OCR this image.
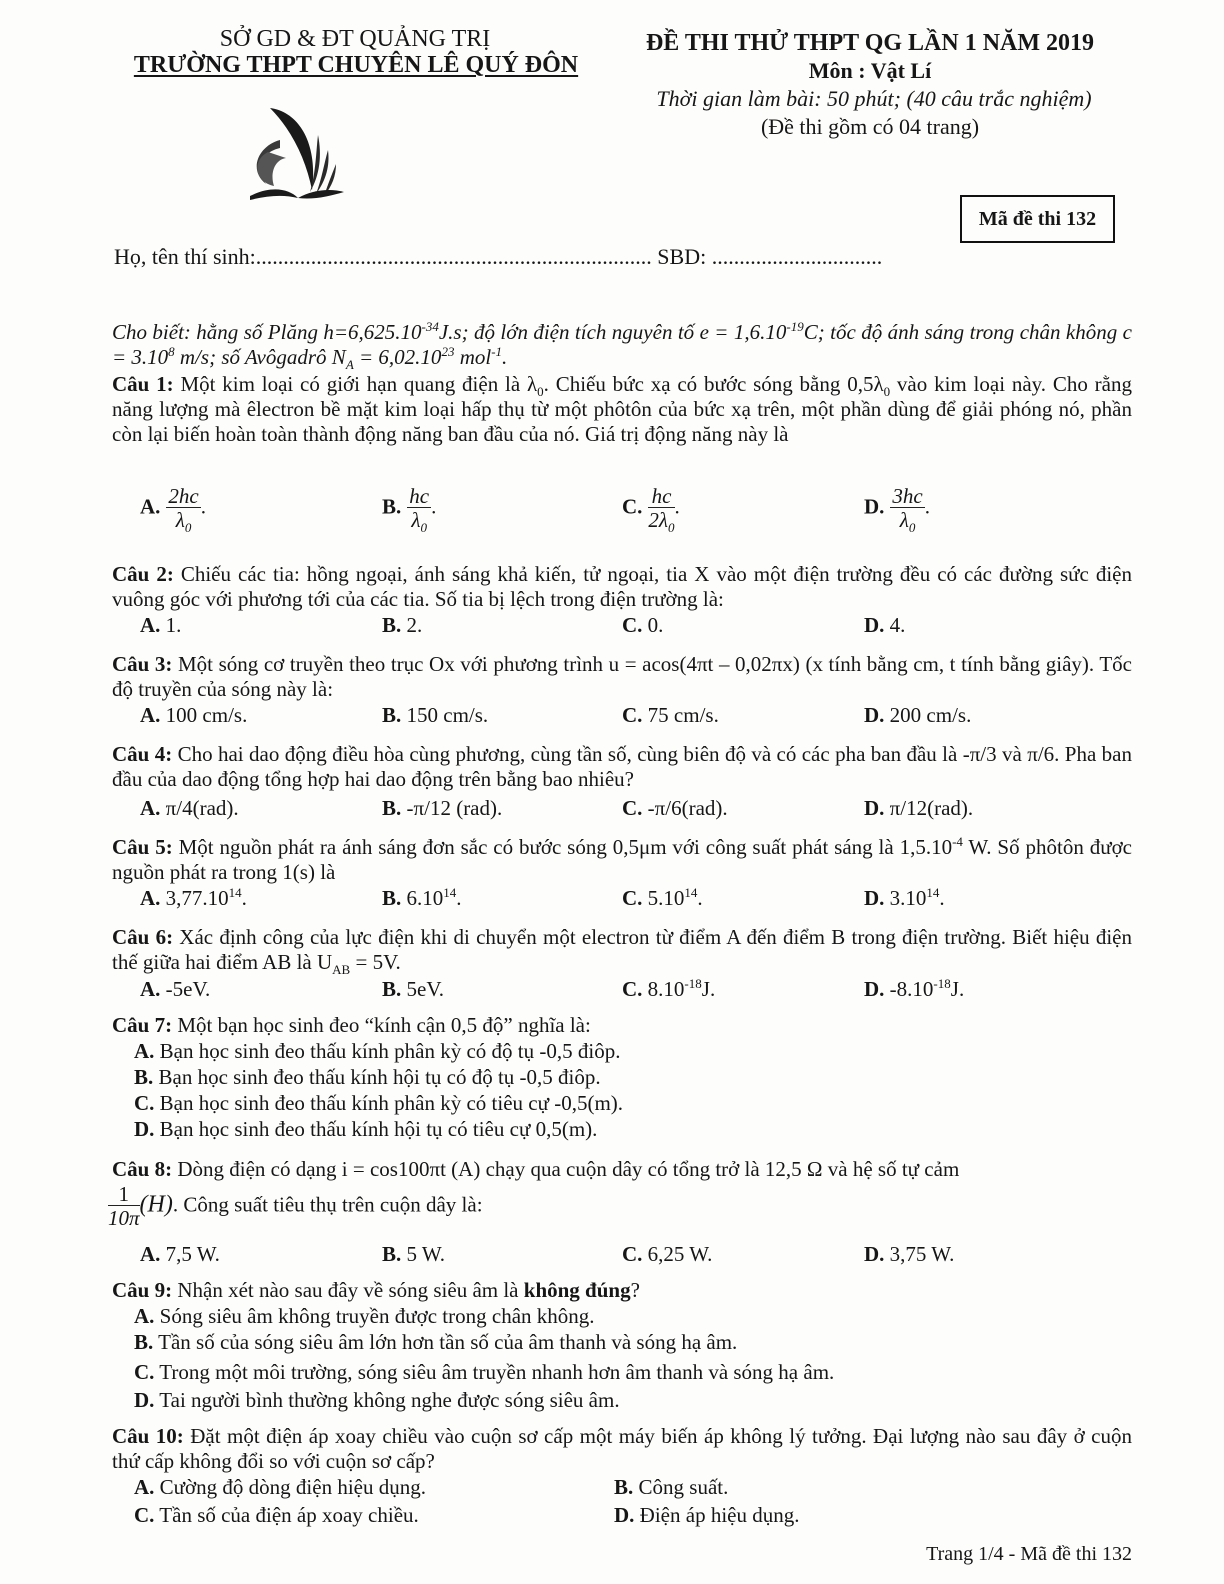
SỞ GD & ĐT QUẢNG TRỊ
TRƯỜNG THPT CHUYÊN LÊ QUÝ ĐÔN
ĐỀ THI THỬ THPT QG LẦN 1 NĂM 2019
Môn : Vật Lí
Thời gian làm bài: 50 phút; (40 câu trắc nghiệm)
(Đề thi gồm có 04 trang)
Mã đề thi 132
Họ, tên thí sinh:........................................................................ SBD: ...............................
Cho biết: hằng số Plăng $h=6,625.10^{-34}J.s$; độ lớn điện tích nguyên tố $e = 1,6.10^{-19}C$; tốc độ ánh sáng trong chân không $c = 3.10^8$ m/s; số Avôgadrô $N_A = 6,02.10^{23}$ mol$^{-1}$.
Câu 1: Một kim loại có giới hạn quang điện là $\lambda_0$. Chiếu bức xạ có bước sóng bằng $0,5\lambda_0$ vào kim loại này. Cho rằng năng lượng mà êlectron bề mặt kim loại hấp thụ từ một phôtôn của bức xạ trên, một phần dùng để giải phóng nó, phần còn lại biến hoàn toàn thành động năng ban đầu của nó. Giá trị động năng này là
A. $\frac{2hc}{\lambda_0}$ .	B. $\frac{hc}{\lambda_0}$ .	C. $\frac{hc}{2\lambda_0}$ .	D. $\frac{3hc}{\lambda_0}$ .
Câu 2: Chiếu các tia: hồng ngoại, ánh sáng khả kiến, tử ngoại, tia X vào một điện trường đều có các đường sức điện vuông góc với phương tới của các tia. Số tia bị lệch trong điện trường là:
A. 1.	B. 2.	C. 0.	D. 4.
Câu 3: Một sóng cơ truyền theo trục Ox với phương trình u = acos(4πt – 0,02πx) (x tính bằng cm, t tính bằng giây). Tốc độ truyền của sóng này là:
A. 100 cm/s.	B. 150 cm/s.	C. 75 cm/s.	D. 200 cm/s.
Câu 4: Cho hai dao động điều hòa cùng phương, cùng tần số, cùng biên độ và có các pha ban đầu là -π/3 và π/6. Pha ban đầu của dao động tổng hợp hai dao động trên bằng bao nhiêu?
A. π/4(rad).	B. -π/12 (rad).	C. -π/6(rad).	D. π/12(rad).
Câu 5: Một nguồn phát ra ánh sáng đơn sắc có bước sóng 0,5μm với công suất phát sáng là $1,5.10^{-4}$ W. Số phôtôn được nguồn phát ra trong 1(s) là
A. 3,77.10$^{14}$.	B. 6.10$^{14}$.	C. 5.10$^{14}$.	D. 3.10$^{14}$.
Câu 6: Xác định công của lực điện khi di chuyển một electron từ điểm A đến điểm B trong điện trường. Biết hiệu điện thế giữa hai điểm AB là $U_{AB} = 5V$.
A. -5eV.	B. 5eV.	C. $8.10^{-18}J$.	D. $-8.10^{-18}J$.
Câu 7: Một bạn học sinh đeo “kính cận 0,5 độ” nghĩa là:
A. Bạn học sinh đeo thấu kính phân kỳ có độ tụ -0,5 điôp.
B. Bạn học sinh đeo thấu kính hội tụ có độ tụ -0,5 điôp.
C. Bạn học sinh đeo thấu kính phân kỳ có tiêu cự -0,5(m).
D. Bạn học sinh đeo thấu kính hội tụ có tiêu cự 0,5(m).
Câu 8: Dòng điện có dạng i = cos100πt (A) chạy qua cuộn dây có tổng trở là 12,5 Ω và hệ số tự cảm
$\frac{1}{10\pi} (H)$. Công suất tiêu thụ trên cuộn dây là:
A. 7,5 W.	B. 5 W.	C. 6,25 W.	D. 3,75 W.
Câu 9: Nhận xét nào sau đây về sóng siêu âm là không đúng?
A. Sóng siêu âm không truyền được trong chân không.
B. Tần số của sóng siêu âm lớn hơn tần số của âm thanh và sóng hạ âm.
C. Trong một môi trường, sóng siêu âm truyền nhanh hơn âm thanh và sóng hạ âm.
D. Tai người bình thường không nghe được sóng siêu âm.
Câu 10: Đặt một điện áp xoay chiều vào cuộn sơ cấp một máy biến áp không lý tưởng. Đại lượng nào sau đây ở cuộn thứ cấp không đổi so với cuộn sơ cấp?
A. Cường độ dòng điện hiệu dụng.	B. Công suất.
C. Tần số của điện áp xoay chiều.	D. Điện áp hiệu dụng.
Trang 1/4 - Mã đề thi 132
